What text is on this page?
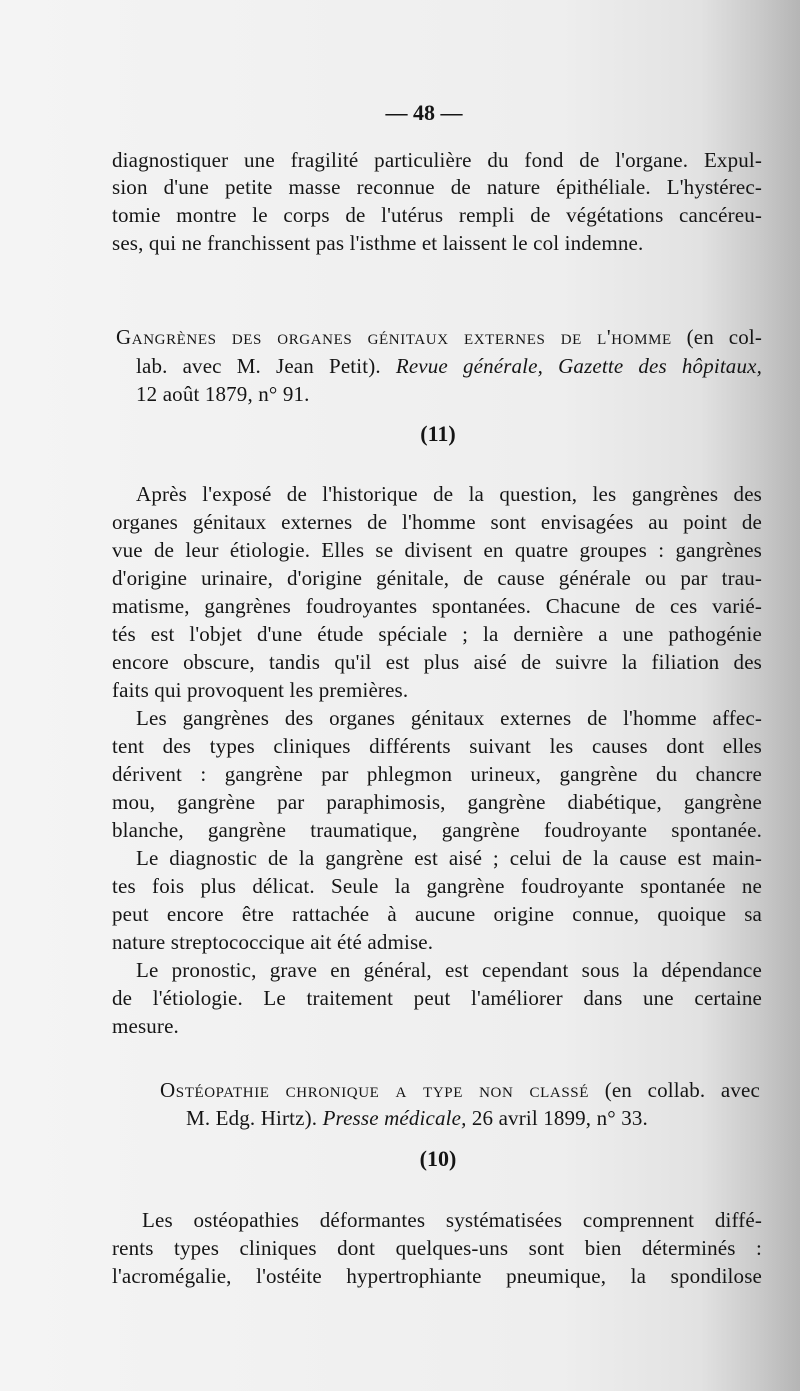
— 48 —
diagnostiquer une fragilité particulière du fond de l'organe. Expul-
sion d'une petite masse reconnue de nature épithéliale. L'hystérec-
tomie montre le corps de l'utérus rempli de végétations cancéreu-
ses, qui ne franchissent pas l'isthme et laissent le col indemne.
Gangrènes des organes génitaux externes de l'homme (en col-
lab. avec M. Jean Petit). Revue générale, Gazette des hôpitaux,
12 août 1879, n° 91.
(11)
Après l'exposé de l'historique de la question, les gangrènes des
organes génitaux externes de l'homme sont envisagées au point de
vue de leur étiologie. Elles se divisent en quatre groupes : gangrènes
d'origine urinaire, d'origine génitale, de cause générale ou par trau-
matisme, gangrènes foudroyantes spontanées. Chacune de ces varié-
tés est l'objet d'une étude spéciale ; la dernière a une pathogénie
encore obscure, tandis qu'il est plus aisé de suivre la filiation des
faits qui provoquent les premières.
Les gangrènes des organes génitaux externes de l'homme affec-
tent des types cliniques différents suivant les causes dont elles
dérivent : gangrène par phlegmon urineux, gangrène du chancre
mou, gangrène par paraphimosis, gangrène diabétique, gangrène
blanche, gangrène traumatique, gangrène foudroyante spontanée.
Le diagnostic de la gangrène est aisé ; celui de la cause est main-
tes fois plus délicat. Seule la gangrène foudroyante spontanée ne
peut encore être rattachée à aucune origine connue, quoique sa
nature streptococcique ait été admise.
Le pronostic, grave en général, est cependant sous la dépendance
de l'étiologie. Le traitement peut l'améliorer dans une certaine
mesure.
Ostéopathie chronique a type non classé (en collab. avec
M. Edg. Hirtz). Presse médicale, 26 avril 1899, n° 33.
(10)
Les ostéopathies déformantes systématisées comprennent diffé-
rents types cliniques dont quelques-uns sont bien déterminés :
l'acromégalie, l'ostéite hypertrophiante pneumique, la spondilose
